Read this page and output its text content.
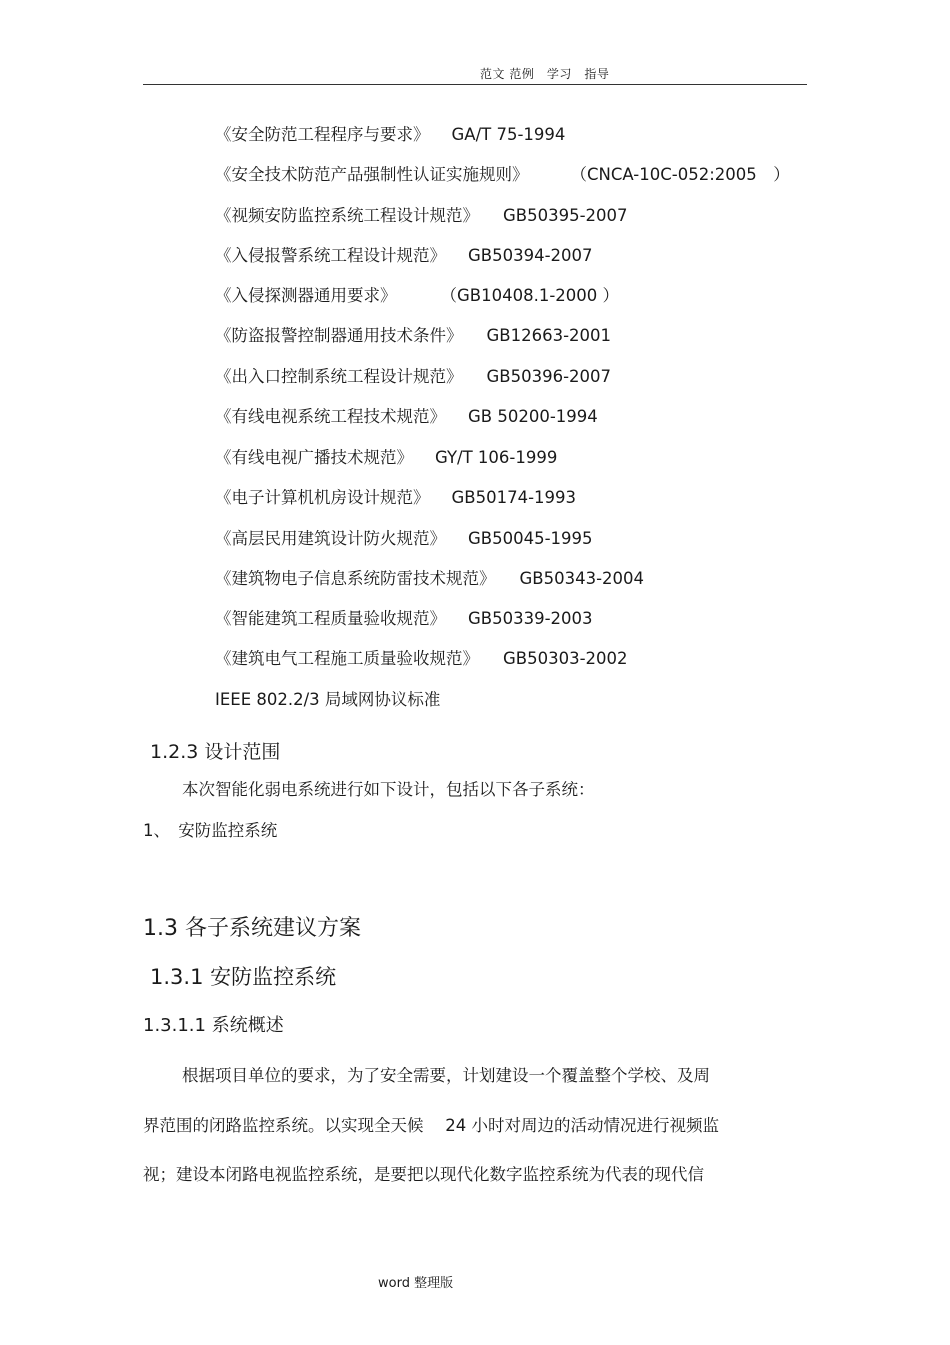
范文 范例　学习　指导
《安全防范工程程序与要求》 GA/T 75-1994
《安全技术防范产品强制性认证实施规则》	（CNCA-10C-052:2005　）
《视频安防监控系统工程设计规范》 GB50395-2007
《入侵报警系统工程设计规范》 GB50394-2007
《入侵探测器通用要求》	（GB10408.1-2000 ）
《防盗报警控制器通用技术条件》 GB12663-2001
《出入口控制系统工程设计规范》 GB50396-2007
《有线电视系统工程技术规范》 GB 50200-1994
《有线电视广播技术规范》 GY/T 106-1999
《电子计算机机房设计规范》 GB50174-1993
《高层民用建筑设计防火规范》 GB50045-1995
《建筑物电子信息系统防雷技术规范》 GB50343-2004
《智能建筑工程质量验收规范》 GB50339-2003
《建筑电气工程施工质量验收规范》 GB50303-2002
IEEE 802.2/3 局域网协议标准
1.2.3 设计范围
本次智能化弱电系统进行如下设计，包括以下各子系统：
1、　安防监控系统
1.3 各子系统建议方案
1.3.1 安防监控系统
1.3.1.1 系统概述
根据项目单位的要求，为了安全需要，计划建设一个覆盖整个学校、及周
界范围的闭路监控系统。以实现全天候　 24 小时对周边的活动情况进行视频监
视；建设本闭路电视监控系统，是要把以现代化数字监控系统为代表的现代信
word 整理版
